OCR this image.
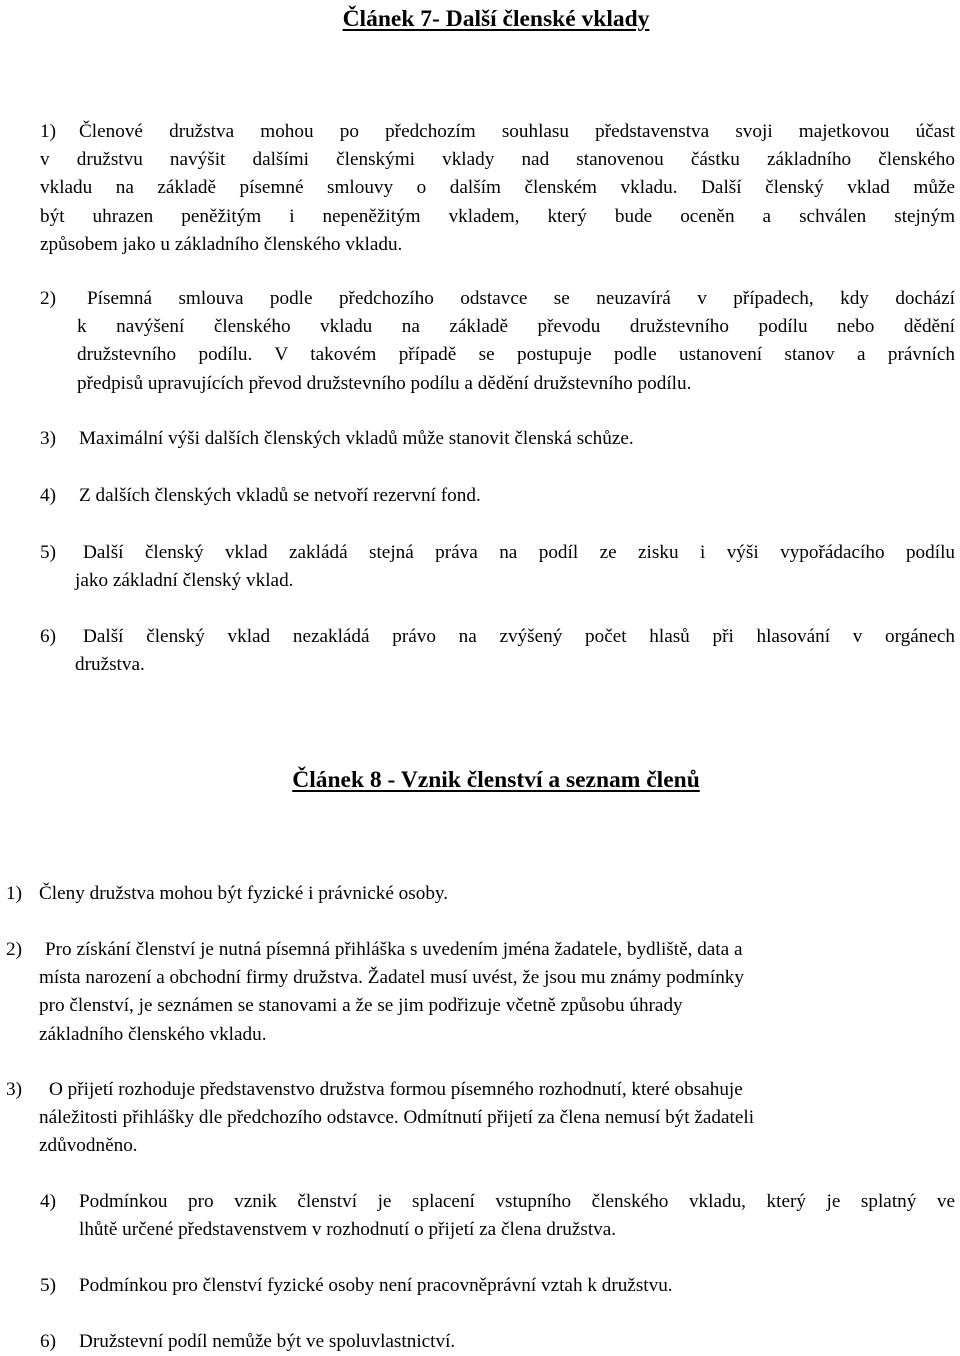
Článek 7- Další členské vklady
1) Členové družstva mohou po předchozím souhlasu představenstva svoji majetkovou účast
v družstvu navýšit dalšími členskými vklady nad stanovenou částku základního členského
vkladu na základě písemné smlouvy o dalším členském vkladu. Další členský vklad může
být uhrazen peněžitým i nepeněžitým vkladem, který bude oceněn a schválen stejným
způsobem jako u základního členského vkladu.
2)	Písemná smlouva podle předchozího odstavce se neuzavírá v případech, kdy dochází
k navýšení členského vkladu na základě převodu družstevního podílu nebo dědění
družstevního podílu. V takovém případě se postupuje podle ustanovení stanov a právních
předpisů upravujících převod družstevního podílu a dědění družstevního podílu.
3) Maximální výši dalších členských vkladů může stanovit členská schůze.
4) Z dalších členských vkladů se netvoří rezervní fond.
5)	Další členský vklad zakládá stejná práva na podíl ze zisku i výši vypořádacího podílu
jako základní členský vklad.
6)	Další členský vklad nezakládá právo na zvýšený počet hlasů při hlasování v orgánech
družstva.
Článek 8 - Vznik členství a seznam členů
1) Členy družstva mohou být fyzické i právnické osoby.
2)	Pro získání členství je nutná písemná přihláška s uvedením jména žadatele, bydliště, data a
místa narození a obchodní firmy družstva. Žadatel musí uvést, že jsou mu známy podmínky
pro členství, je seznámen se stanovami a že se jim podřizuje včetně způsobu úhrady
základního členského vkladu.
3)	O přijetí rozhoduje představenstvo družstva formou písemného rozhodnutí, které obsahuje
náležitosti přihlášky dle předchozího odstavce. Odmítnutí přijetí za člena nemusí být žadateli
zdůvodněno.
4) Podmínkou pro vznik členství je splacení vstupního členského vkladu, který je splatný ve
lhůtě určené představenstvem v rozhodnutí o přijetí za člena družstva.
5) Podmínkou pro členství fyzické osoby není pracovněprávní vztah k družstvu.
6) Družstevní podíl nemůže být ve spoluvlastnictví.
